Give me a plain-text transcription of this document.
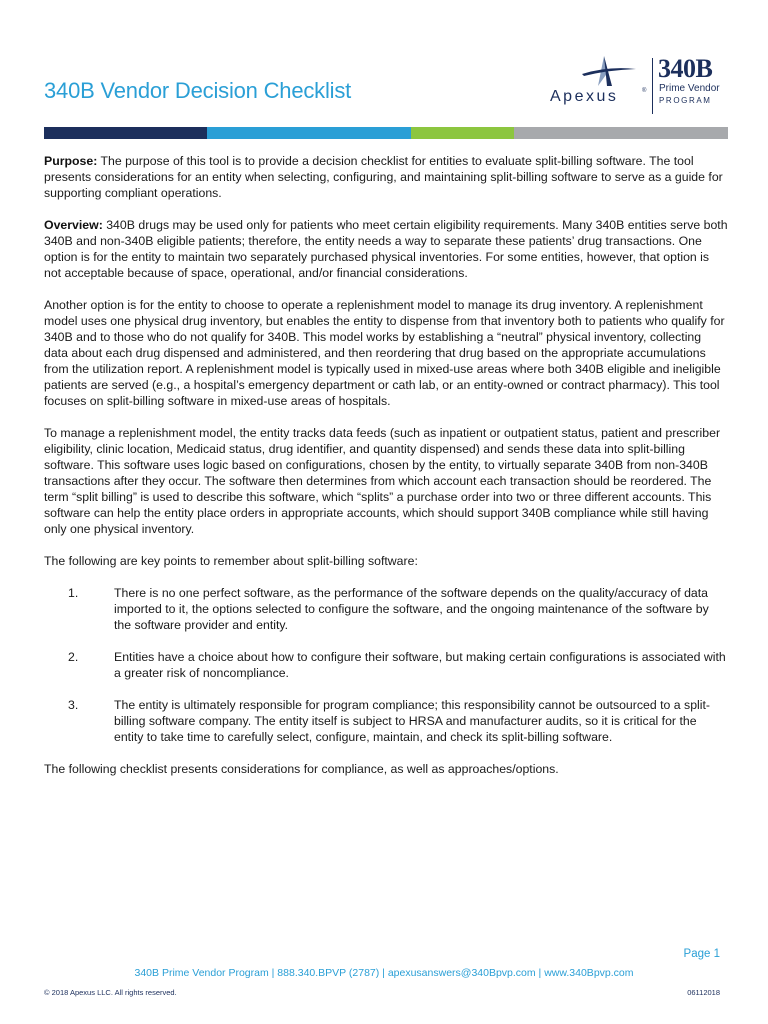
340B Vendor Decision Checklist	Apexus	®
340B
Prime Vendor
PROGRAM

Purpose: The purpose of this tool is to provide a decision checklist for entities to evaluate split-billing software. The tool presents considerations for an entity when selecting, configuring, and maintaining split-billing software to serve as a guide for supporting compliant operations.

Overview: 340B drugs may be used only for patients who meet certain eligibility requirements. Many 340B entities serve both 340B and non-340B eligible patients; therefore, the entity needs a way to separate these patients’ drug transactions. One option is for the entity to maintain two separately purchased physical inventories. For some entities, however, that option is not acceptable because of space, operational, and/or financial considerations.

Another option is for the entity to choose to operate a replenishment model to manage its drug inventory. A replenishment model uses one physical drug inventory, but enables the entity to dispense from that inventory both to patients who qualify for 340B and to those who do not qualify for 340B. This model works by establishing a “neutral” physical inventory, collecting data about each drug dispensed and administered, and then reordering that drug based on the appropriate accumulations from the utilization report. A replenishment model is typically used in mixed-use areas where both 340B eligible and ineligible patients are served (e.g., a hospital’s emergency department or cath lab, or an entity-owned or contract pharmacy). This tool focuses on split-billing software in mixed-use areas of hospitals.

To manage a replenishment model, the entity tracks data feeds (such as inpatient or outpatient status, patient and prescriber eligibility, clinic location, Medicaid status, drug identifier, and quantity dispensed) and sends these data into split-billing software. This software uses logic based on configurations, chosen by the entity, to virtually separate 340B from non-340B transactions after they occur. The software then determines from which account each transaction should be reordered. The term “split billing” is used to describe this software, which “splits” a purchase order into two or three different accounts. This software can help the entity place orders in appropriate accounts, which should support 340B compliance while still having only one physical inventory.

The following are key points to remember about split-billing software:

1.	There is no one perfect software, as the performance of the software depends on the quality/accuracy of data imported to it, the options selected to configure the software, and the ongoing maintenance of the software by the software provider and entity.
2.	Entities have a choice about how to configure their software, but making certain configurations is associated with a greater risk of noncompliance.
3.	The entity is ultimately responsible for program compliance; this responsibility cannot be outsourced to a split-billing software company. The entity itself is subject to HRSA and manufacturer audits, so it is critical for the entity to take time to carefully select, configure, maintain, and check its split-billing software.

The following checklist presents considerations for compliance, as well as approaches/options.

Page 1
340B Prime Vendor Program | 888.340.BPVP (2787) | apexusanswers@340Bpvp.com | www.340Bpvp.com
© 2018 Apexus LLC. All rights reserved.	06112018
